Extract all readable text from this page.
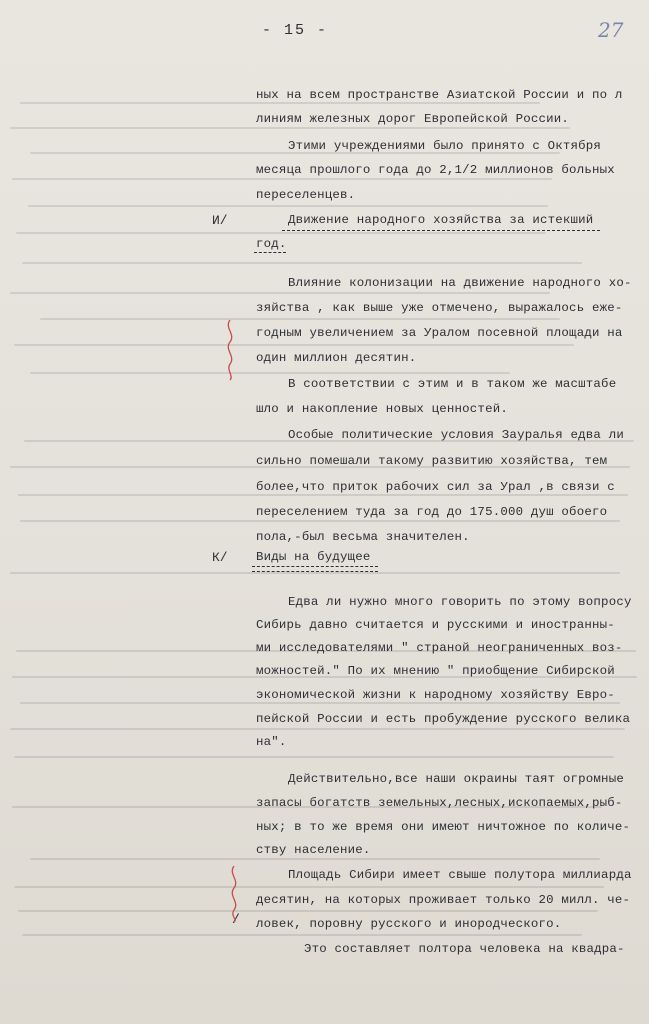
- 15 -	27
ных на всем пространстве Азиатской России и по л
линиям железных дорог Европейской России.
Этими учреждениями было принято с Октября
месяца прошлого года до 2,1/2 миллионов больных
переселенцев.
Движение народного хозяйства за истекший
год.
Влияние колонизации на движение народного хо-
зяйства , как выше уже отмечено, выражалось еже-
годным увеличением за Уралом посевной площади на
один миллион десятин.
В соответствии с этим и в таком же масштабе
шло и накопление новых ценностей.
Особые политические условия Зауралья едва ли
сильно помешали такому развитию хозяйства, тем
более,что приток рабочих сил за Урал ,в связи с
переселением туда за год до 175.000 душ обоего
пола,-был весьма значителен.
Виды на будущее
Едва ли нужно много говорить по этому вопросу
Сибирь давно считается и русскими и иностранны-
ми исследователями " страной неограниченных воз-
можностей." По их мнению " приобщение Сибирской
экономической жизни к народному хозяйству Евро-
пейской России и есть пробуждение русского велика
на".
Действительно,все наши окраины таят огромные
запасы богатств земельных,лесных,ископаемых,рыб-
ных; в то же время они имеют ничтожное по количе-
ству население.
Площадь Сибири имеет свыше полутора миллиарда
десятин, на которых проживает только 20 милл. че-
ловек, поровну русского и инородческого.
Это составляет полтора человека на квадра-
И/
К/
/
